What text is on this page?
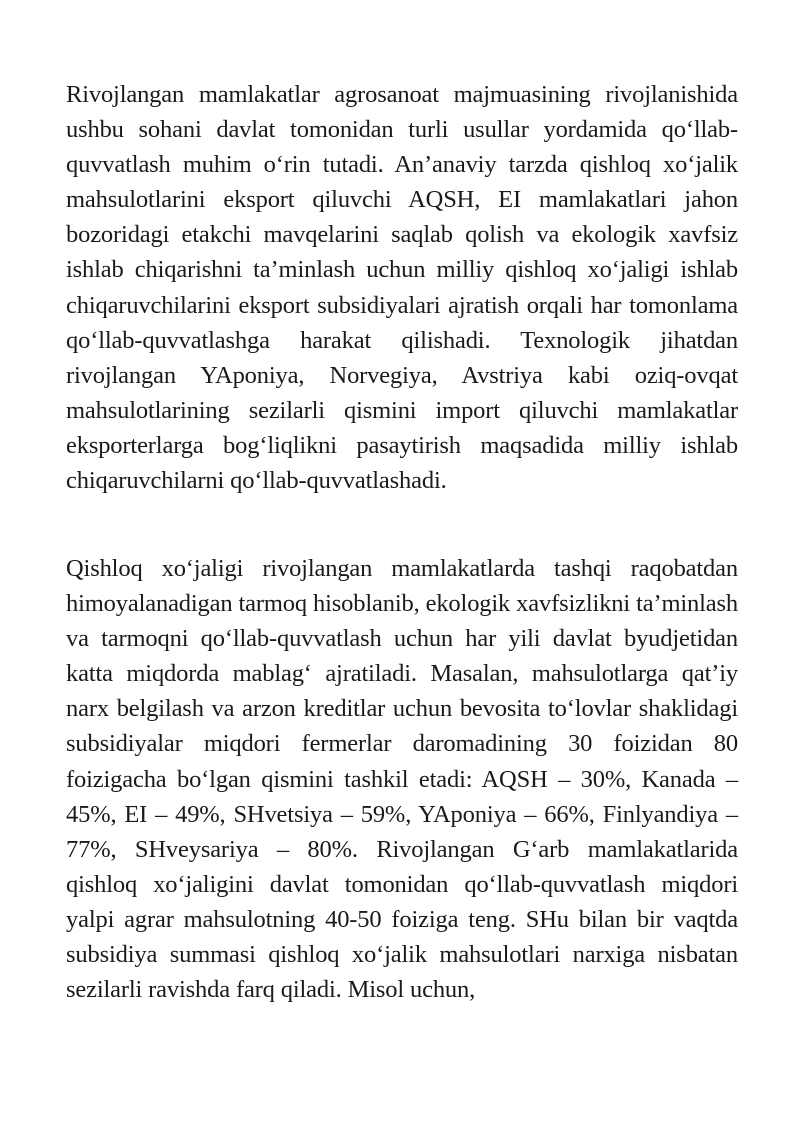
Rivojlangan mamlakatlar agrosanoat majmuasining rivojlanishida ushbu sohani davlat tomonidan turli usullar yordamida qo‘llab-quvvatlash muhim o‘rin tutadi. An’anaviy tarzda qishloq xo‘jalik mahsulotlarini eksport qiluvchi AQSH, EI mamlakatlari jahon bozoridagi etakchi mavqelarini saqlab qolish va ekologik xavfsiz ishlab chiqarishni ta’minlash uchun milliy qishloq xo‘jaligi ishlab chiqaruvchilarini eksport subsidiyalari ajratish orqali har tomonlama qo‘llab-quvvatlashga harakat qilishadi. Texnologik jihatdan rivojlangan YAponiya, Norvegiya, Avstriya kabi oziq-ovqat mahsulotlarining sezilarli qismini import qiluvchi mamlakatlar eksporterlarga bog‘liqlikni pasaytirish maqsadida milliy ishlab chiqaruvchilarni qo‘llab-quvvatlashadi.

Qishloq xo‘jaligi rivojlangan mamlakatlarda tashqi raqobatdan himoyalanadigan tarmoq hisoblanib, ekologik xavfsizlikni ta’minlash va tarmoqni qo‘llab-quvvatlash uchun har yili davlat byudjetidan katta miqdorda mablag‘ ajratiladi. Masalan, mahsulotlarga qat’iy narx belgilash va arzon kreditlar uchun bevosita to‘lovlar shaklidagi subsidiyalar miqdori fermerlar daromadining 30 foizidan 80 foizigacha bo‘lgan qismini tashkil etadi: AQSH – 30%, Kanada – 45%, EI – 49%, SHvetsiya – 59%, YAponiya – 66%, Finlyandiya – 77%, SHveysariya – 80%. Rivojlangan G‘arb mamlakatlarida qishloq xo‘jaligini davlat tomonidan qo‘llab-quvvatlash miqdori yalpi agrar mahsulotning 40-50 foiziga teng. SHu bilan bir vaqtda subsidiya summasi qishloq xo‘jalik mahsulotlari narxiga nisbatan sezilarli ravishda farq qiladi. Misol uchun,
